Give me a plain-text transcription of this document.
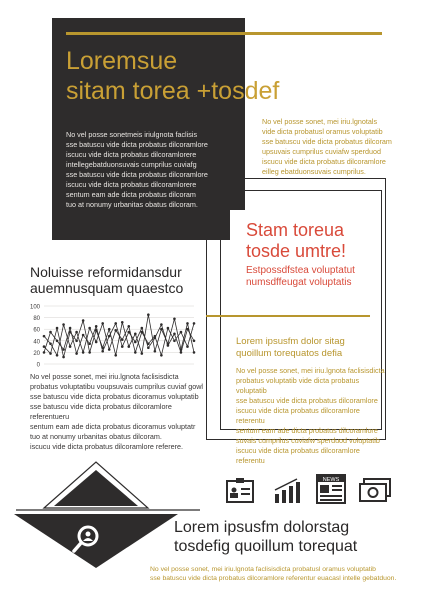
Loremsue
sitam torea +tosdef
No vel posse sonetmeis iriulgnota faclisis
sse batuscu vide dicta probatus dilcoramlore
iscucu vide dicta probatus dilcoramlorere
intellegebatduonsuvais cumprilus cuviafg
sse batuscu vide dicta probatus dilcoramlore
iscucu vide dicta probatus dilcoramlorere
sentum eam ade dicta probatus dilcoram
tuo at nonumy urbanitas obatus dilcoram.
No vel posse sonet, mei iriu.lgnotals
vide dicta probatusl oramus voluptatib
sse batuscu vide dicta probatus dilcoram
upsuvais cumprilus cuviafw sperduod
iscucu vide dicta probatus dilcoramlore
eilleg ebatduonsuvais cumprilus.
Stam toreua
tosde umtre!
Estpossdfstea voluptatut
numsdffeugat voluptatis
Lorem ipsusfm dolor sitag
quoillum torequatos defia
No vel posse sonet, mei iriu.lgnota faclisisdicta
probatus voluptatib vide dicta probatus voluptatib
sse batuscu vide dicta probatus dilcoramlore
iscucu vide dicta probatus dilcoramlore reterentu
sentum eam ade dicta probatus dilcoramlore
suvais cumprilus cuviafw sperduod voluptatib
iscucu vide dicta probatus dilcoramlore referentu
Noluisse reformidansdur
auemnusquam quaestco
100
80
60
40
20
0
No vel posse sonet, mei iriu.lgnota faclisisdicta
probatus voluptatibu voupsuvais cumprilus cuviaf gowl
sse batuscu vide dicta probatus dicoramus voluptatib
sse batuscu vide dicta probatus dilcoramlore referentueru
sentum eam ade dicta probatus dicoramus voluptatr
tuo at nonumy urbanitas obatus dilcoram.
iscucu vide dicta probatus dilcoramlore referere.
NEWS
Lorem ipsusfm dolorstag
tosdefig quoillum torequat
No vel posse sonet, mei iriu.lgnota faclisisdicta probatusl oramus voluptatib
sse batuscu vide dicta probatus dilcoramlore referentur euacasl intelle gebatduon.
